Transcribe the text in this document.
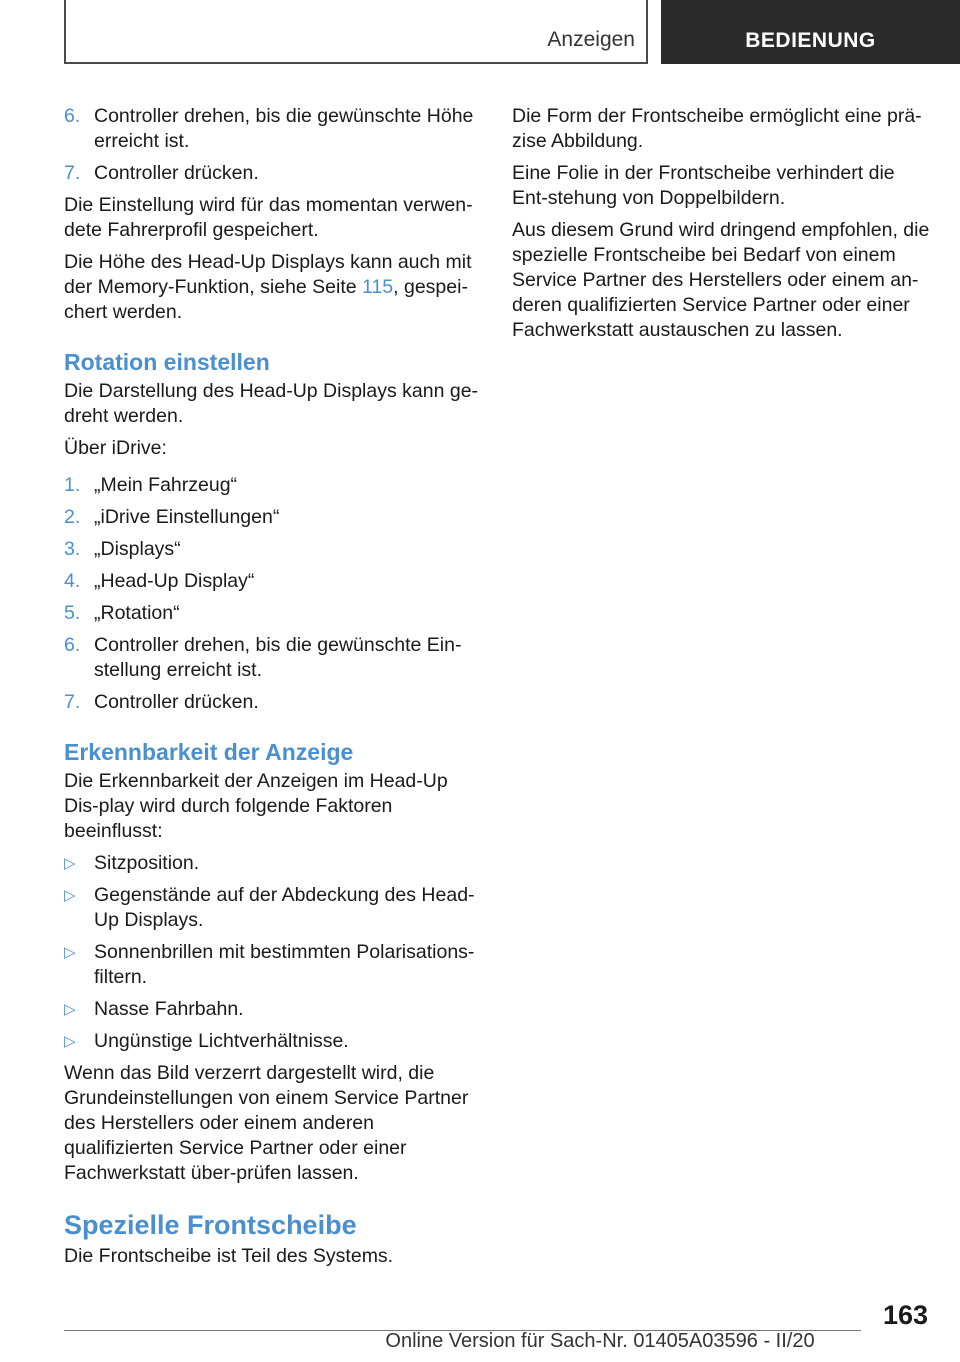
Anzeigen	BEDIENUNG
6. Controller drehen, bis die gewünschte Höhe erreicht ist.
7. Controller drücken.

Die Einstellung wird für das momentan verwen-dete Fahrerprofil gespeichert.

Die Höhe des Head-Up Displays kann auch mit der Memory-Funktion, siehe Seite 115, gespei-chert werden.

Rotation einstellen

Die Darstellung des Head-Up Displays kann ge-dreht werden.

Über iDrive:

1. „Mein Fahrzeug“
2. „iDrive Einstellungen“
3. „Displays“
4. „Head-Up Display“
5. „Rotation“
6. Controller drehen, bis die gewünschte Ein-stellung erreicht ist.
7. Controller drücken.
Erkennbarkeit der Anzeige

Die Erkennbarkeit der Anzeigen im Head-Up Dis-play wird durch folgende Faktoren beeinflusst:

▷ Sitzposition.
▷ Gegenstände auf der Abdeckung des Head-Up Displays.
▷ Sonnenbrillen mit bestimmten Polarisations-filtern.
▷ Nasse Fahrbahn.
▷ Ungünstige Lichtverhältnisse.

Wenn das Bild verzerrt dargestellt wird, die Grundeinstellungen von einem Service Partner des Herstellers oder einem anderen qualifizierten Service Partner oder einer Fachwerkstatt über-prüfen lassen.

Spezielle Frontscheibe

Die Frontscheibe ist Teil des Systems.

Die Form der Frontscheibe ermöglicht eine prä-zise Abbildung.

Eine Folie in der Frontscheibe verhindert die Ent-stehung von Doppelbildern.

Aus diesem Grund wird dringend empfohlen, die spezielle Frontscheibe bei Bedarf von einem Service Partner des Herstellers oder einem an-deren qualifizierten Service Partner oder einer Fachwerkstatt austauschen zu lassen.

163
Online Version für Sach-Nr. 01405A03596 - II/20
